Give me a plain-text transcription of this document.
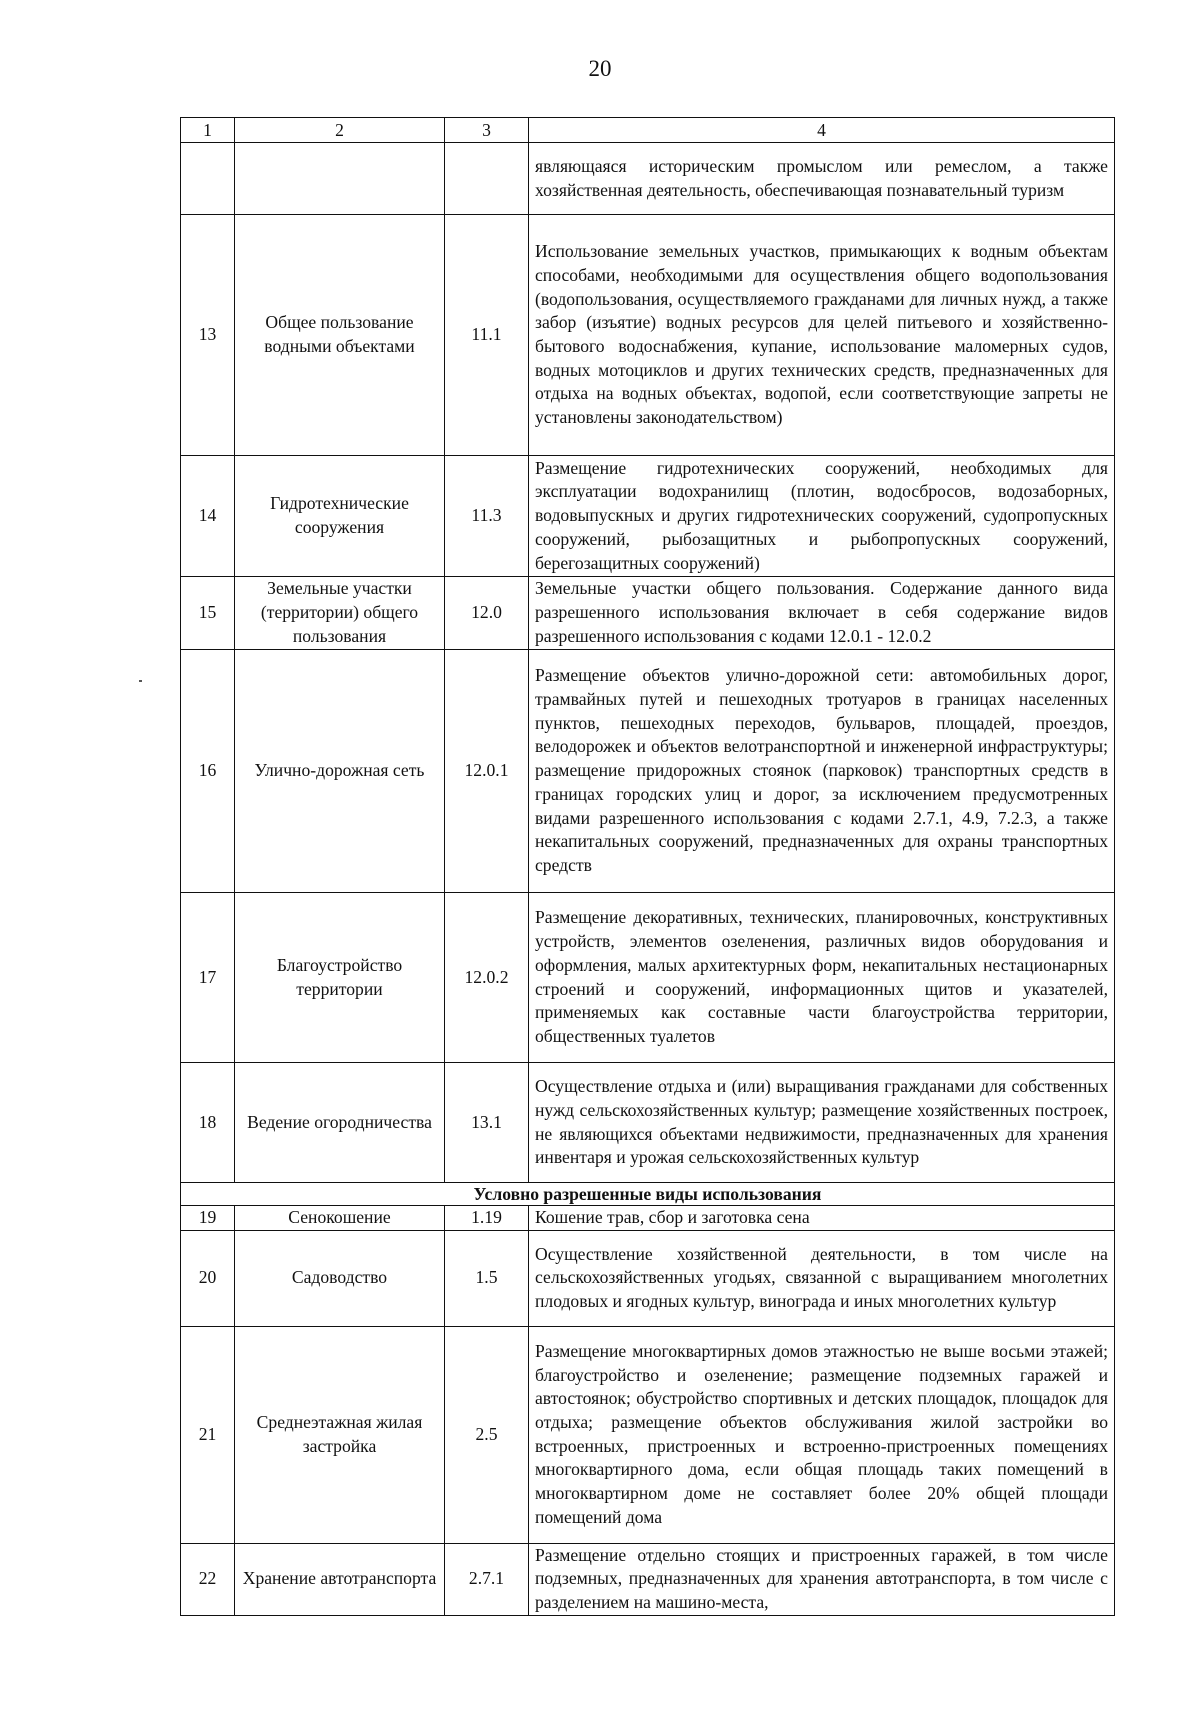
20
1	2	3	4
			являющаяся историческим промыслом или ремеслом, а также хозяйственная деятельность, обеспечивающая познавательный туризм
13	Общее пользование водными объектами	11.1	Использование земельных участков, примыкающих к водным объектам способами, необходимыми для осуществления общего водопользования (водопользования, осуществляемого гражданами для личных нужд, а также забор (изъятие) водных ресурсов для целей питьевого и хозяйственно-бытового водоснабжения, купание, использование маломерных судов, водных мотоциклов и других технических средств, предназначенных для отдыха на водных объектах, водопой, если соответствующие запреты не установлены законодательством)
14	Гидротехнические сооружения	11.3	Размещение гидротехнических сооружений, необходимых для эксплуатации водохранилищ (плотин, водосбросов, водозаборных, водовыпускных и других гидротехнических сооружений, судопропускных сооружений, рыбозащитных и рыбопропускных сооружений, берегозащитных сооружений)
15	Земельные участки (территории) общего пользования	12.0	Земельные участки общего пользования. Содержание данного вида разрешенного использования включает в себя содержание видов разрешенного использования с кодами 12.0.1 - 12.0.2
16	Улично-дорожная сеть	12.0.1	Размещение объектов улично-дорожной сети: автомобильных дорог, трамвайных путей и пешеходных тротуаров в границах населенных пунктов, пешеходных переходов, бульваров, площадей, проездов, велодорожек и объектов велотранспортной и инженерной инфраструктуры; размещение придорожных стоянок (парковок) транспортных средств в границах городских улиц и дорог, за исключением предусмотренных видами разрешенного использования с кодами 2.7.1, 4.9, 7.2.3, а также некапитальных сооружений, предназначенных для охраны транспортных средств
17	Благоустройство территории	12.0.2	Размещение декоративных, технических, планировочных, конструктивных устройств, элементов озеленения, различных видов оборудования и оформления, малых архитектурных форм, некапитальных нестационарных строений и сооружений, информационных щитов и указателей, применяемых как составные части благоустройства территории, общественных туалетов
18	Ведение огородничества	13.1	Осуществление отдыха и (или) выращивания гражданами для собственных нужд сельскохозяйственных культур; размещение хозяйственных построек, не являющихся объектами недвижимости, предназначенных для хранения инвентаря и урожая сельскохозяйственных культур
Условно разрешенные виды использования			
19	Сенокошение	1.19	Кошение трав, сбор и заготовка сена
20	Садоводство	1.5	Осуществление хозяйственной деятельности, в том числе на сельскохозяйственных угодьях, связанной с выращиванием многолетних плодовых и ягодных культур, винограда и иных многолетних культур
21	Среднеэтажная жилая застройка	2.5	Размещение многоквартирных домов этажностью не выше восьми этажей; благоустройство и озеленение; размещение подземных гаражей и автостоянок; обустройство спортивных и детских площадок, площадок для отдыха; размещение объектов обслуживания жилой застройки во встроенных, пристроенных и встроенно-пристроенных помещениях многоквартирного дома, если общая площадь таких помещений в многоквартирном доме не составляет более 20% общей площади помещений дома
22	Хранение автотранспорта	2.7.1	Размещение отдельно стоящих и пристроенных гаражей, в том числе подземных, предназначенных для хранения автотранспорта, в том числе с разделением на машино-места,
